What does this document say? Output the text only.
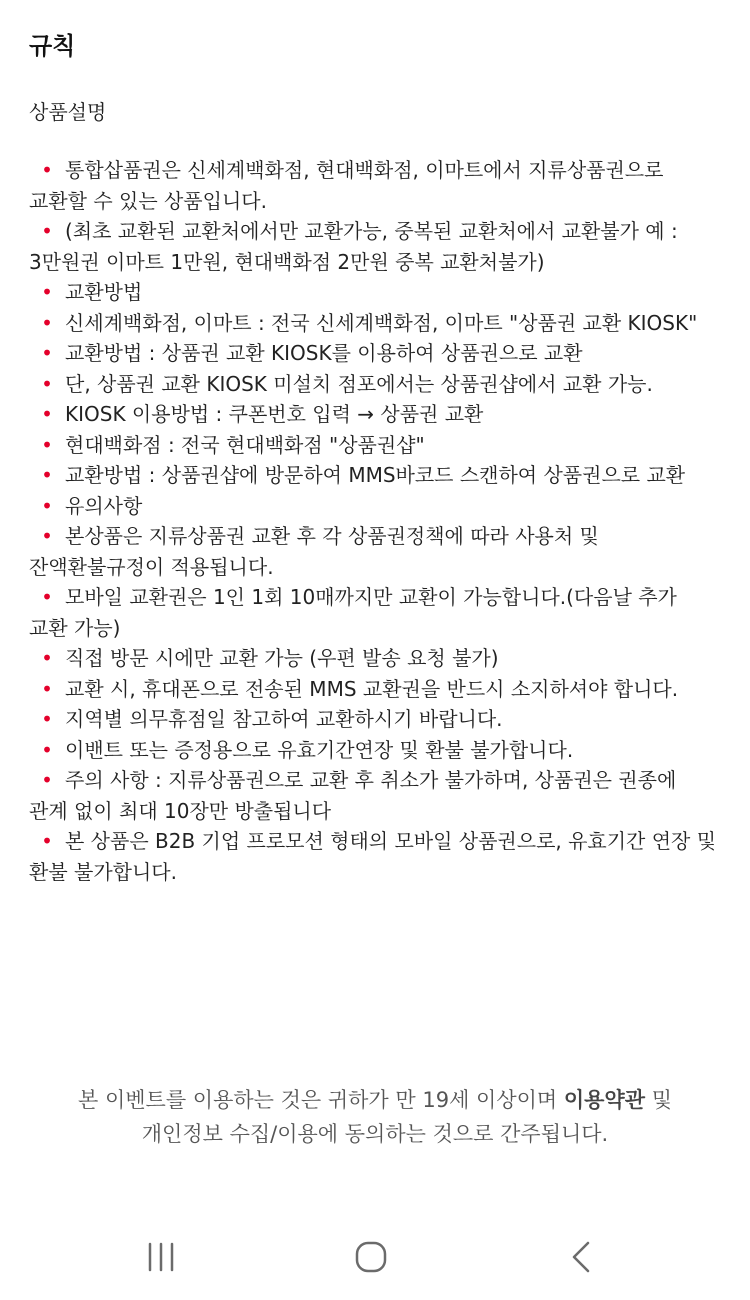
규칙
상품설명
• 통합삽품권은 신세계백화점, 현대백화점, 이마트에서 지류상품권으로 교환할 수 있는 상품입니다.
• (최초 교환된 교환처에서만 교환가능, 중복된 교환처에서 교환불가 예 : 3만원권 이마트 1만원, 현대백화점 2만원 중복 교환처불가)
• 교환방법
• 신세계백화점, 이마트 : 전국 신세계백화점, 이마트 "상품권 교환 KIOSK"
• 교환방법 : 상품권 교환 KIOSK를 이용하여 상품권으로 교환
• 단, 상품권 교환 KIOSK 미설치 점포에서는 상품권샵에서 교환 가능.
• KIOSK 이용방법 : 쿠폰번호 입력 → 상품권 교환
• 현대백화점 : 전국 현대백화점 "상품권샵"
• 교환방법 : 상품권샵에 방문하여 MMS바코드 스캔하여 상품권으로 교환
• 유의사항
• 본상품은 지류상품권 교환 후 각 상품권정책에 따라 사용처 및 잔액환불규정이 적용됩니다.
• 모바일 교환권은 1인 1회 10매까지만 교환이 가능합니다.(다음날 추가 교환 가능)
• 직접 방문 시에만 교환 가능 (우편 발송 요청 불가)
• 교환 시, 휴대폰으로 전송된 MMS 교환권을 반드시 소지하셔야 합니다.
• 지역별 의무휴점일 참고하여 교환하시기 바랍니다.
• 이밴트 또는 증정용으로 유효기간연장 및 환불 불가합니다.
• 주의 사항 : 지류상품권으로 교환 후 취소가 불가하며, 상품권은 권종에 관계 없이 최대 10장만 방출됩니다
• 본 상품은 B2B 기업 프로모션 형태의 모바일 상품권으로, 유효기간 연장 및 환불 불가합니다.
본 이벤트를 이용하는 것은 귀하가 만 19세 이상이며 이용약관 및 개인정보 수집/이용에 동의하는 것으로 간주됩니다.
